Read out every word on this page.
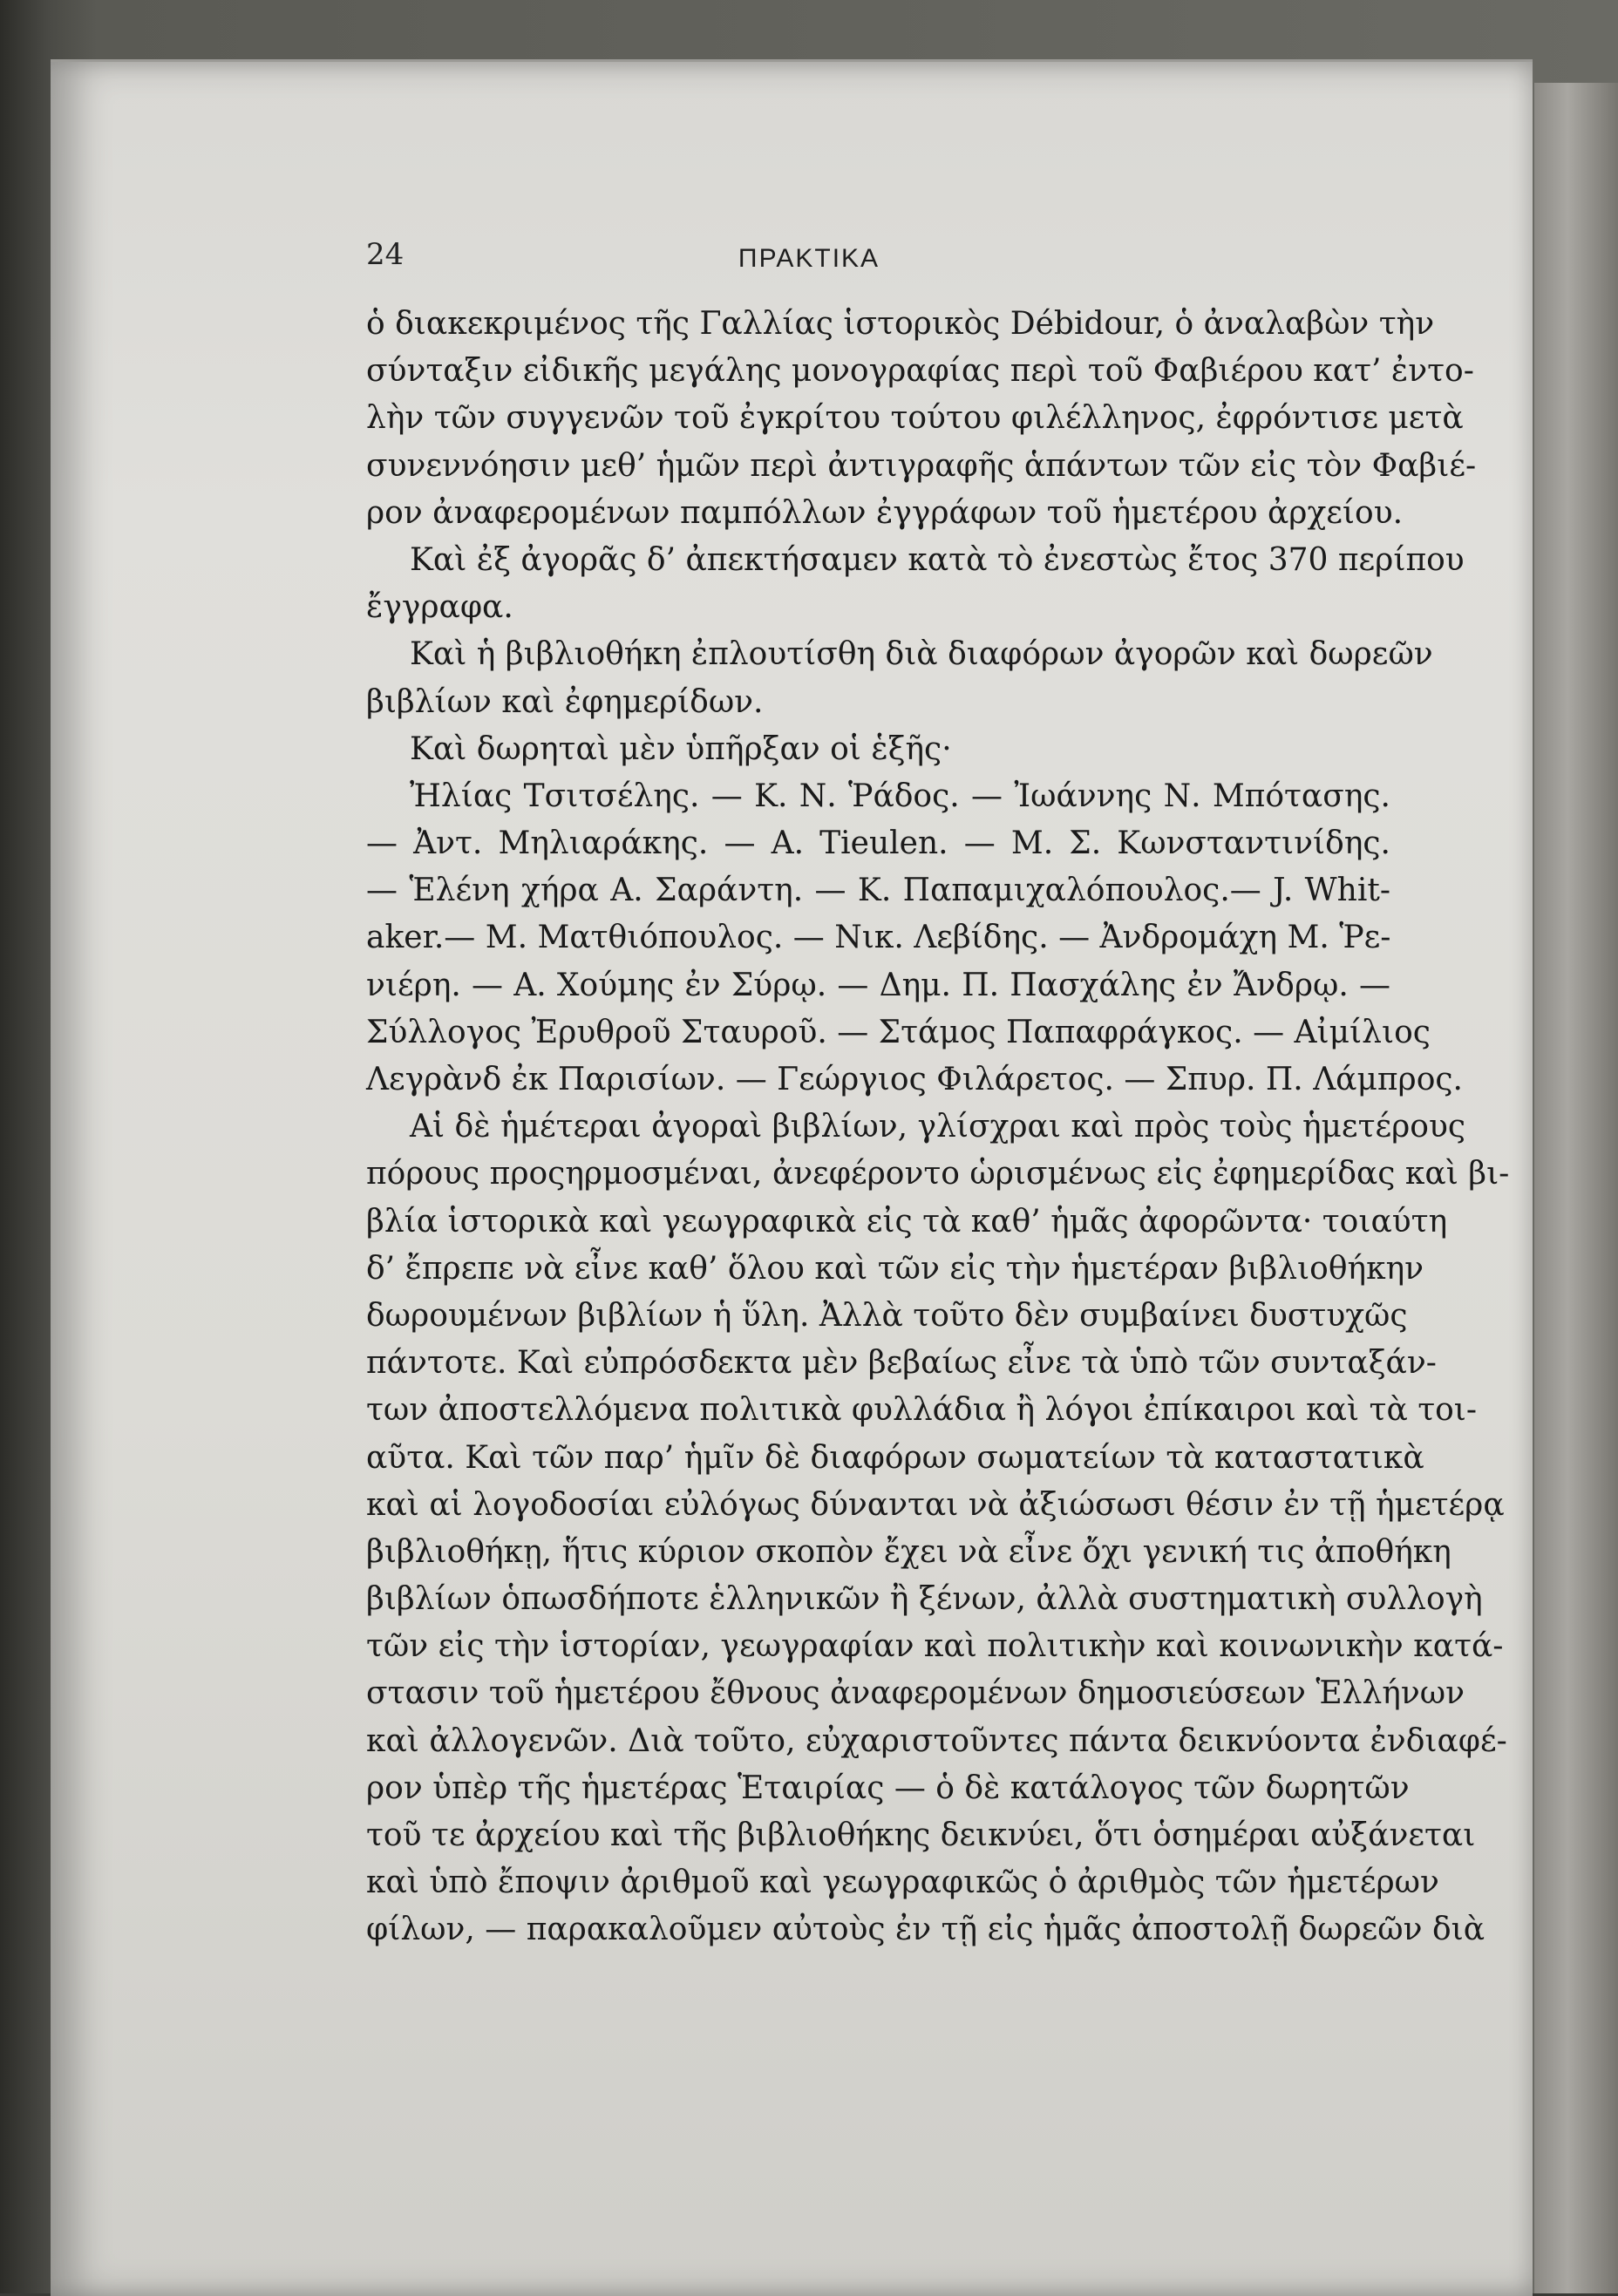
24	ΠΡΑΚΤΙΚΑ
ὁ διακεκριμένος τῆς Γαλλίας ἱστορικὸς Débidour, ὁ ἀναλαβὼν τὴν
σύνταξιν εἰδικῆς μεγάλης μονογραφίας περὶ τοῦ Φαβιέρου κατ’ ἐντο-
λὴν τῶν συγγενῶν τοῦ ἐγκρίτου τούτου φιλέλληνος, ἐφρόντισε μετὰ
συνεννόησιν μεθ’ ἡμῶν περὶ ἀντιγραφῆς ἁπάντων τῶν εἰς τὸν Φαβιέ-
ρον ἀναφερομένων παμπόλλων ἐγγράφων τοῦ ἡμετέρου ἀρχείου.
Καὶ ἐξ ἀγορᾶς δ’ ἀπεκτήσαμεν κατὰ τὸ ἐνεστὼς ἔτος 370 περίπου
ἔγγραφα.
Καὶ ἡ βιβλιοθήκη ἐπλουτίσθη διὰ διαφόρων ἀγορῶν καὶ δωρεῶν
βιβλίων καὶ ἐφημερίδων.
Καὶ δωρηταὶ μὲν ὑπῆρξαν οἱ ἑξῆς·
Ἠλίας Τσιτσέλης. — Κ. Ν. Ῥάδος. — Ἰωάννης Ν. Μπότασης.
— Ἀντ. Μηλιαράκης. — Α. Tieulen. — Μ. Σ. Κωνσταντινίδης.
— Ἑλένη χήρα Α. Σαράντη. — Κ. Παπαμιχαλόπουλος.— J. Whit-
aker.— Μ. Ματθιόπουλος. — Νικ. Λεβίδης. — Ἀνδρομάχη Μ. Ῥε-
νιέρη. — Α. Χούμης ἐν Σύρῳ. — Δημ. Π. Πασχάλης ἐν Ἄνδρῳ. —
Σύλλογος Ἐρυθροῦ Σταυροῦ. — Στάμος Παπαφράγκος. — Αἰμίλιος
Λεγρὰνδ ἐκ Παρισίων. — Γεώργιος Φιλάρετος. — Σπυρ. Π. Λάμπρος.
Αἱ δὲ ἡμέτεραι ἀγοραὶ βιβλίων, γλίσχραι καὶ πρὸς τοὺς ἡμετέρους
πόρους προςηρμοσμέναι, ἀνεφέροντο ὡρισμένως εἰς ἐφημερίδας καὶ βι-
βλία ἱστορικὰ καὶ γεωγραφικὰ εἰς τὰ καθ’ ἡμᾶς ἀφορῶντα· τοιαύτη
δ’ ἔπρεπε νὰ εἶνε καθ’ ὅλου καὶ τῶν εἰς τὴν ἡμετέραν βιβλιοθήκην
δωρουμένων βιβλίων ἡ ὕλη. Ἀλλὰ τοῦτο δὲν συμβαίνει δυστυχῶς
πάντοτε. Καὶ εὐπρόσδεκτα μὲν βεβαίως εἶνε τὰ ὑπὸ τῶν συνταξάν-
των ἀποστελλόμενα πολιτικὰ φυλλάδια ἢ λόγοι ἐπίκαιροι καὶ τὰ τοι-
αῦτα. Καὶ τῶν παρ’ ἡμῖν δὲ διαφόρων σωματείων τὰ καταστατικὰ
καὶ αἱ λογοδοσίαι εὐλόγως δύνανται νὰ ἀξιώσωσι θέσιν ἐν τῇ ἡμετέρᾳ
βιβλιοθήκῃ, ἥτις κύριον σκοπὸν ἔχει νὰ εἶνε ὄχι γενική τις ἀποθήκη
βιβλίων ὁπωσδήποτε ἑλληνικῶν ἢ ξένων, ἀλλὰ συστηματικὴ συλλογὴ
τῶν εἰς τὴν ἱστορίαν, γεωγραφίαν καὶ πολιτικὴν καὶ κοινωνικὴν κατά-
στασιν τοῦ ἡμετέρου ἔθνους ἀναφερομένων δημοσιεύσεων Ἑλλήνων
καὶ ἀλλογενῶν. Διὰ τοῦτο, εὐχαριστοῦντες πάντα δεικνύοντα ἐνδιαφέ-
ρον ὑπὲρ τῆς ἡμετέρας Ἑταιρίας — ὁ δὲ κατάλογος τῶν δωρητῶν
τοῦ τε ἀρχείου καὶ τῆς βιβλιοθήκης δεικνύει, ὅτι ὁσημέραι αὐξάνεται
καὶ ὑπὸ ἔποψιν ἀριθμοῦ καὶ γεωγραφικῶς ὁ ἀριθμὸς τῶν ἡμετέρων
φίλων, — παρακαλοῦμεν αὐτοὺς ἐν τῇ εἰς ἡμᾶς ἀποστολῇ δωρεῶν διὰ
